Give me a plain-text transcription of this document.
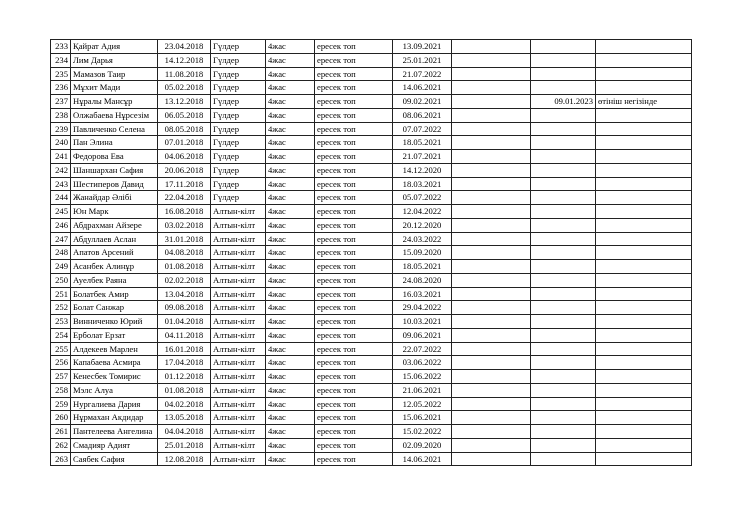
233	Қайрат Адия	23.04.2018	Гүлдер	4жас	ересек топ	13.09.2021			
234	Лим Дарья	14.12.2018	Гүлдер	4жас	ересек топ	25.01.2021			
235	Мамазов Таир	11.08.2018	Гүлдер	4жас	ересек топ	21.07.2022			
236	Мұхит Мади	05.02.2018	Гүлдер	4жас	ересек топ	14.06.2021			
237	Нұралы Мансұр	13.12.2018	Гүлдер	4жас	ересек топ	09.02.2021		09.01.2023	өтініш негізінде
238	Олжабаева Нұрсезім	06.05.2018	Гүлдер	4жас	ересек топ	08.06.2021			
239	Павличенко Селена	08.05.2018	Гүлдер	4жас	ересек топ	07.07.2022			
240	Пан Элина	07.01.2018	Гүлдер	4жас	ересек топ	18.05.2021			
241	Федорова Ева	04.06.2018	Гүлдер	4жас	ересек топ	21.07.2021			
242	Шаншархан Сафия	20.06.2018	Гүлдер	4жас	ересек топ	14.12.2020			
243	Шестиперов Давид	17.11.2018	Гүлдер	4жас	ересек топ	18.03.2021			
244	Жанайдар Әлібі	22.04.2018	Гүлдер	4жас	ересек топ	05.07.2022			
245	Юн Марк	16.08.2018	Алтын-кілт	4жас	ересек топ	12.04.2022			
246	Абдрахман Айзере	03.02.2018	Алтын-кілт	4жас	ересек топ	20.12.2020			
247	Абдуллаев Аслан	31.01.2018	Алтын-кілт	4жас	ересек топ	24.03.2022			
248	Апатов Арсений	04.08.2018	Алтын-кілт	4жас	ересек топ	15.09.2020			
249	Асанбек Алинұр	01.08.2018	Алтын-кілт	4жас	ересек топ	18.05.2021			
250	Ауелбек Раяна	02.02.2018	Алтын-кілт	4жас	ересек топ	24.08.2020			
251	Болатбек Амир	13.04.2018	Алтын-кілт	4жас	ересек топ	16.03.2021			
252	Болат Санжар	09.08.2018	Алтын-кілт	4жас	ересек топ	29.04.2022			
253	Винниченко Юрий	01.04.2018	Алтын-кілт	4жас	ересек топ	10.03.2021			
254	Ерболат Ерзат	04.11.2018	Алтын-кілт	4жас	ересек топ	09.06.2021			
255	Алдекеев Марлен	16.01.2018	Алтын-кілт	4жас	ересек топ	22.07.2022			
256	Капабаева Асмира	17.04.2018	Алтын-кілт	4жас	ересек топ	03.06.2022			
257	Кенесбек Томирис	01.12.2018	Алтын-кілт	4жас	ересек топ	15.06.2022			
258	Мэлс Алуа	01.08.2018	Алтын-кілт	4жас	ересек топ	21.06.2021			
259	Нургалиева Дария	04.02.2018	Алтын-кілт	4жас	ересек топ	12.05.2022			
260	Нұрмахан Акдидар	13.05.2018	Алтын-кілт	4жас	ересек топ	15.06.2021			
261	Пантелеева Ангелина	04.04.2018	Алтын-кілт	4жас	ересек топ	15.02.2022			
262	Смадияр Адият	25.01.2018	Алтын-кілт	4жас	ересек топ	02.09.2020			
263	Саябек Сафия	12.08.2018	Алтын-кілт	4жас	ересек топ	14.06.2021			
